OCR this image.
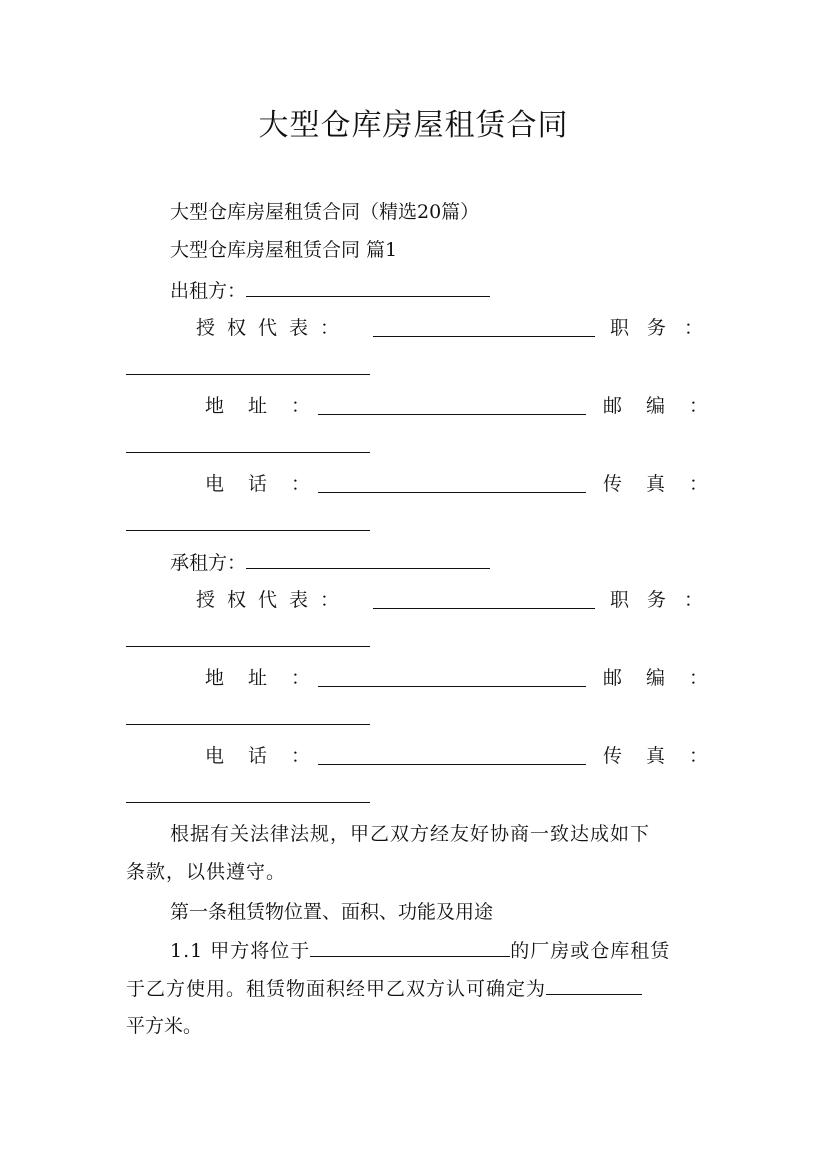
大型仓库房屋租赁合同
大型仓库房屋租赁合同（精选20篇）
大型仓库房屋租赁合同 篇1
出租方：
授权代表：	职务：
地址：	邮编：
电话：	传真：
承租方：
授权代表：	职务：
地址：	邮编：
电话：	传真：
根据有关法律法规，甲乙双方经友好协商一致达成如下
条款，以供遵守。
第一条租赁物位置、面积、功能及用途
1.1 甲方将位于	的厂房或仓库租赁
于乙方使用。租赁物面积经甲乙双方认可确定为
平方米。
